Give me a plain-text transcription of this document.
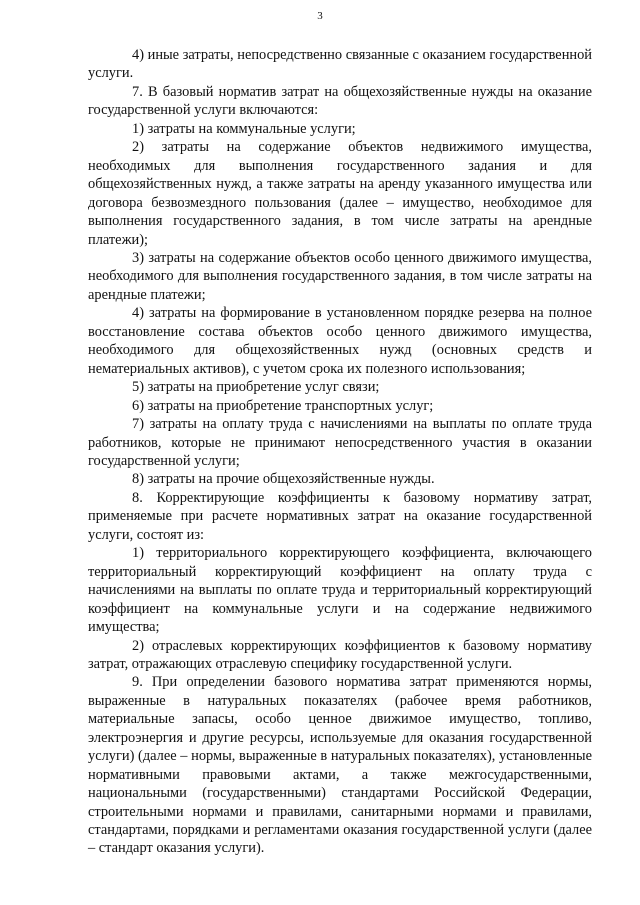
3

4) иные затраты, непосредственно связанные с оказанием государственной услуги.

7. В базовый норматив затрат на общехозяйственные нужды на оказание государственной услуги включаются:

1) затраты на коммунальные услуги;

2) затраты на содержание объектов недвижимого имущества, необходимых для выполнения государственного задания и для общехозяйственных нужд, а также затраты на аренду указанного имущества или договора безвозмездного пользования (далее – имущество, необходимое для выполнения государственного задания, в том числе затраты на арендные платежи);

3) затраты на содержание объектов особо ценного движимого имущества, необходимого для выполнения государственного задания, в том числе затраты на арендные платежи;

4) затраты на формирование в установленном порядке резерва на полное восстановление состава объектов особо ценного движимого имущества, необходимого для общехозяйственных нужд (основных средств и нематериальных активов), с учетом срока их полезного использования;

5) затраты на приобретение услуг связи;

6) затраты на приобретение транспортных услуг;

7) затраты на оплату труда с начислениями на выплаты по оплате труда работников, которые не принимают непосредственного участия в оказании государственной услуги;

8) затраты на прочие общехозяйственные нужды.

8. Корректирующие коэффициенты к базовому нормативу затрат, применяемые при расчете нормативных затрат на оказание государственной услуги, состоят из:

1) территориального корректирующего коэффициента, включающего территориальный корректирующий коэффициент на оплату труда с начислениями на выплаты по оплате труда и территориальный корректирующий коэффициент на коммунальные услуги и на содержание недвижимого имущества;

2) отраслевых корректирующих коэффициентов к базовому нормативу затрат, отражающих отраслевую специфику государственной услуги.

9. При определении базового норматива затрат применяются нормы, выраженные в натуральных показателях (рабочее время работников, материальные запасы, особо ценное движимое имущество, топливо, электроэнергия и другие ресурсы, используемые для оказания государственной услуги) (далее – нормы, выраженные в натуральных показателях), установленные нормативными правовыми актами, а также межгосударственными, национальными (государственными) стандартами Российской Федерации, строительными нормами и правилами, санитарными нормами и правилами, стандартами, порядками и регламентами оказания государственной услуги (далее – стандарт оказания услуги).
